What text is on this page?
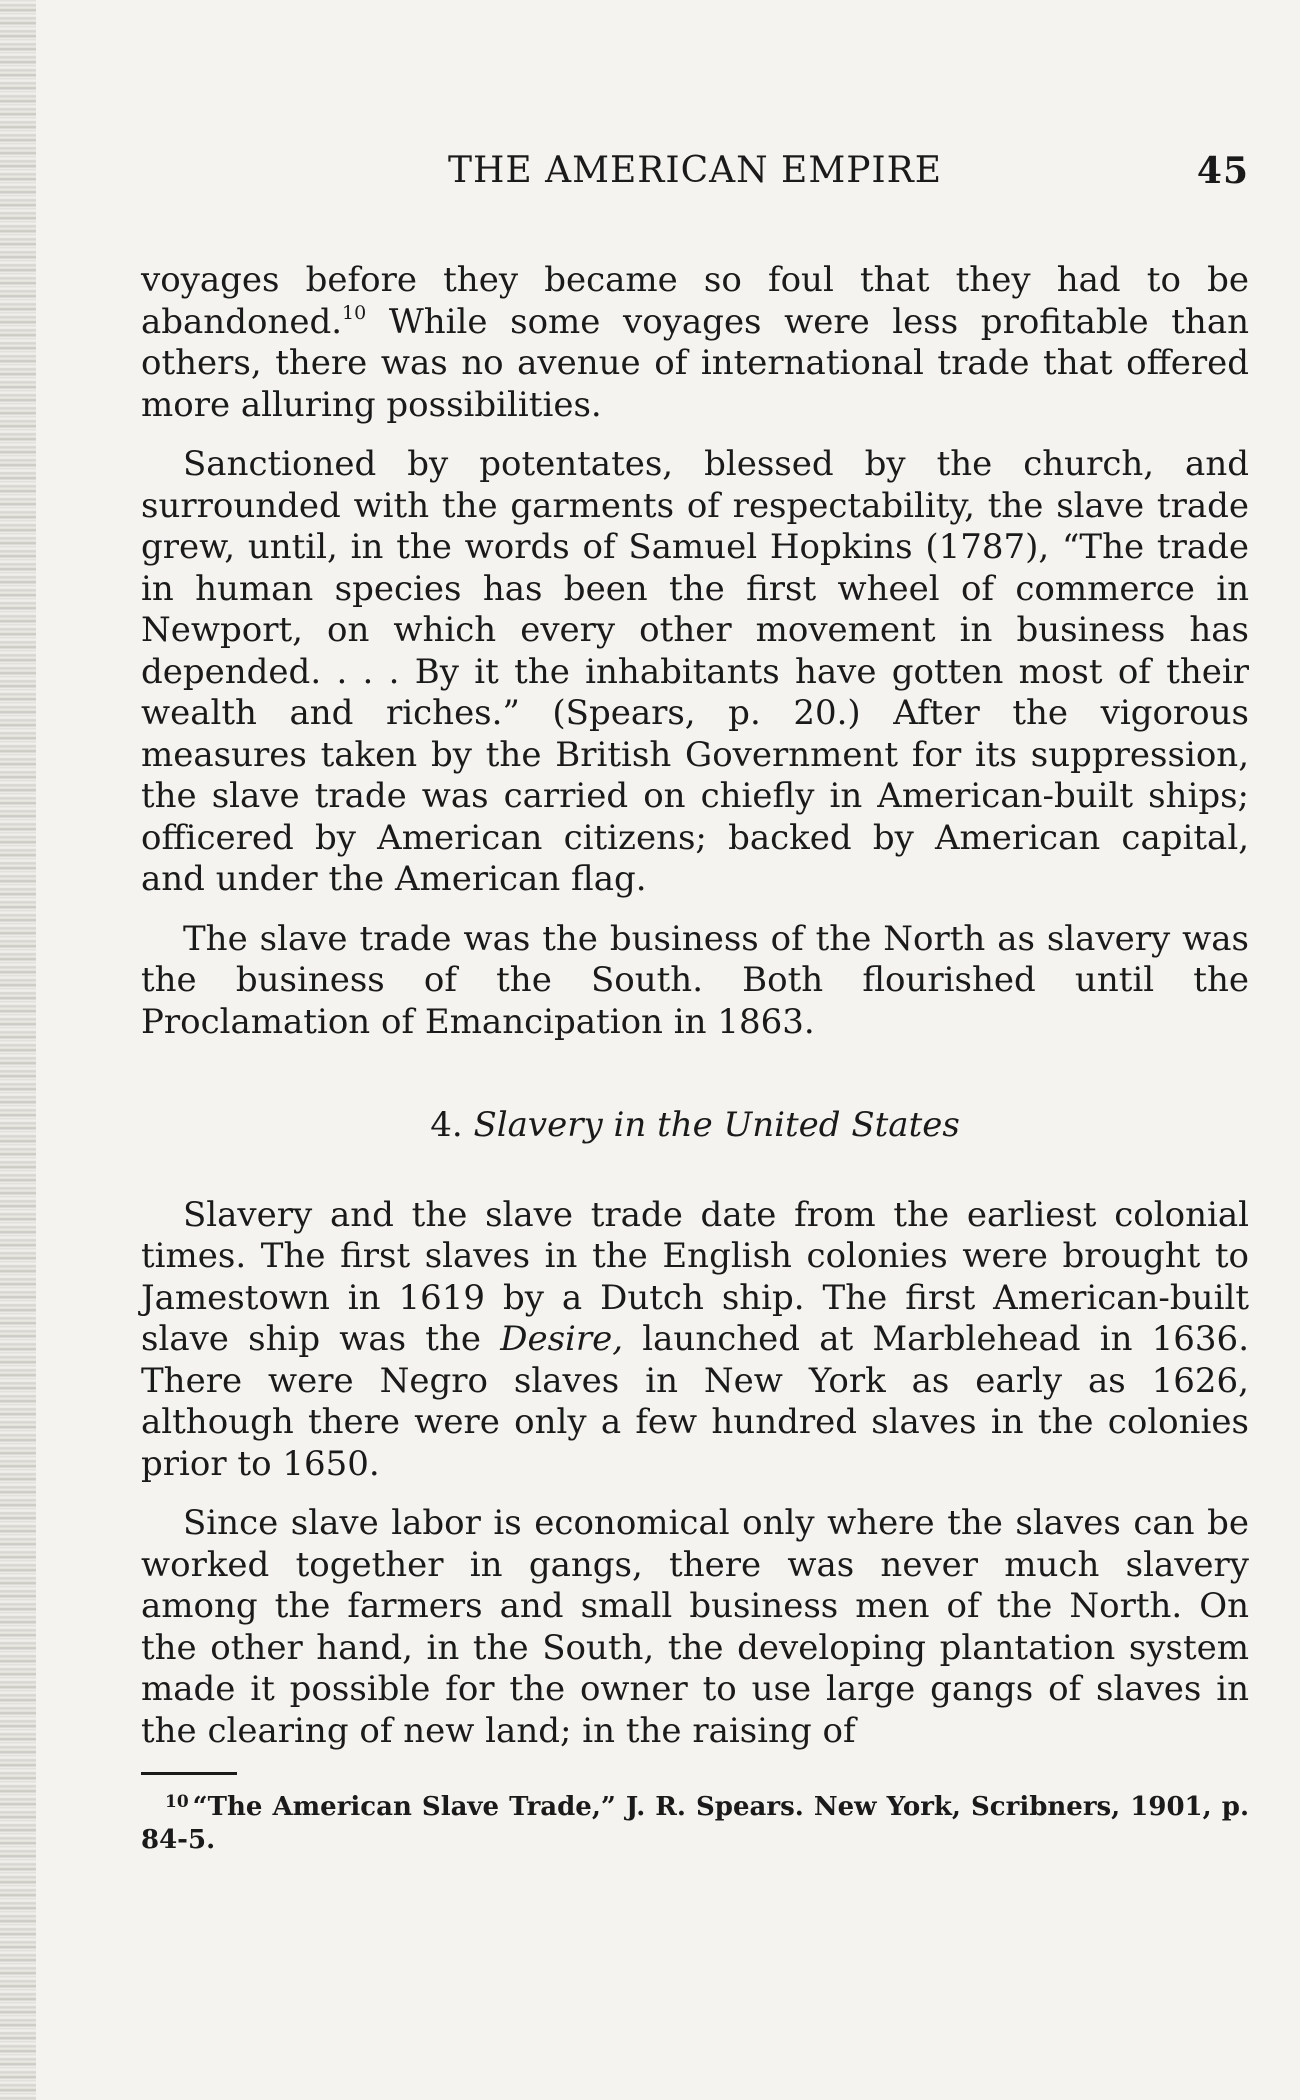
THE AMERICAN EMPIRE	45

voyages before they became so foul that they had to be abandoned.$^{10}$ While some voyages were less profitable than others, there was no avenue of international trade that offered more alluring possibilities.

Sanctioned by potentates, blessed by the church, and surrounded with the garments of respectability, the slave trade grew, until, in the words of Samuel Hopkins (1787), “The trade in human species has been the first wheel of commerce in Newport, on which every other movement in business has depended. . . . By it the inhabitants have gotten most of their wealth and riches.” (Spears, p. 20.) After the vigorous measures taken by the British Government for its suppression, the slave trade was carried on chiefly in American-built ships; officered by American citizens; backed by American capital, and under the American flag.

The slave trade was the business of the North as slavery was the business of the South. Both flourished until the Proclamation of Emancipation in 1863.

4. Slavery in the United States

Slavery and the slave trade date from the earliest colonial times. The first slaves in the English colonies were brought to Jamestown in 1619 by a Dutch ship. The first American-built slave ship was the Desire, launched at Marblehead in 1636. There were Negro slaves in New York as early as 1626, although there were only a few hundred slaves in the colonies prior to 1650.

Since slave labor is economical only where the slaves can be worked together in gangs, there was never much slavery among the farmers and small business men of the North. On the other hand, in the South, the developing plantation system made it possible for the owner to use large gangs of slaves in the clearing of new land; in the raising of

$^{10}$ “The American Slave Trade,” J. R. Spears. New York, Scribners, 1901, p. 84-5.
